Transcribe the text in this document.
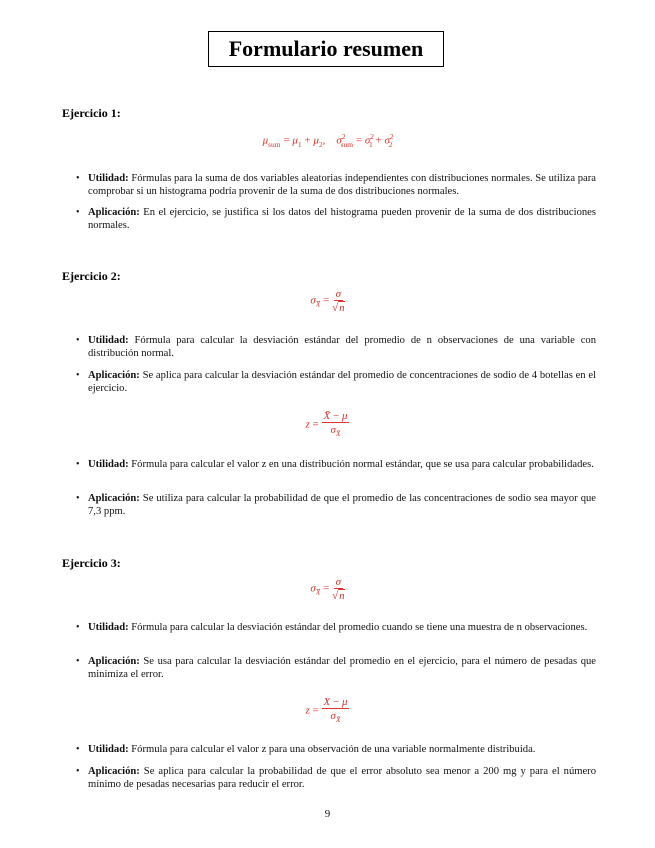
Formulario resumen
Ejercicio 1:
$\mu_{sum} = \mu_1 + \mu_2$,    $\sigma^2_{sum} = \sigma^2_1 + \sigma^2_2$
• Utilidad: Fórmulas para la suma de dos variables aleatorias independientes con distribuciones normales. Se utiliza para comprobar si un histograma podría provenir de la suma de dos distribuciones normales.
• Aplicación: En el ejercicio, se justifica si los datos del histograma pueden provenir de la suma de dos distribuciones normales.
Ejercicio 2:
$\sigma_{X̄} = \frac{\sigma}{√n}$
• Utilidad: Fórmula para calcular la desviación estándar del promedio de n observaciones de una variable con distribución normal.
• Aplicación: Se aplica para calcular la desviación estándar del promedio de concentraciones de sodio de 4 botellas en el ejercicio.
$z = \frac{X̄ - \mu}{\sigma_{X̄}}$
• Utilidad: Fórmula para calcular el valor z en una distribución normal estándar, que se usa para calcular probabilidades.
• Aplicación: Se utiliza para calcular la probabilidad de que el promedio de las concentraciones de sodio sea mayor que 7,3 ppm.
Ejercicio 3:
$\sigma_{X̄} = \frac{\sigma}{√n}$
• Utilidad: Fórmula para calcular la desviación estándar del promedio cuando se tiene una muestra de n observaciones.
• Aplicación: Se usa para calcular la desviación estándar del promedio en el ejercicio, para el número de pesadas que minimiza el error.
$z = \frac{X - \mu}{\sigma_{X̄}}$
• Utilidad: Fórmula para calcular el valor z para una observación de una variable normalmente distribuida.
• Aplicación: Se aplica para calcular la probabilidad de que el error absoluto sea menor a 200 mg y para el número mínimo de pesadas necesarias para reducir el error.
9
